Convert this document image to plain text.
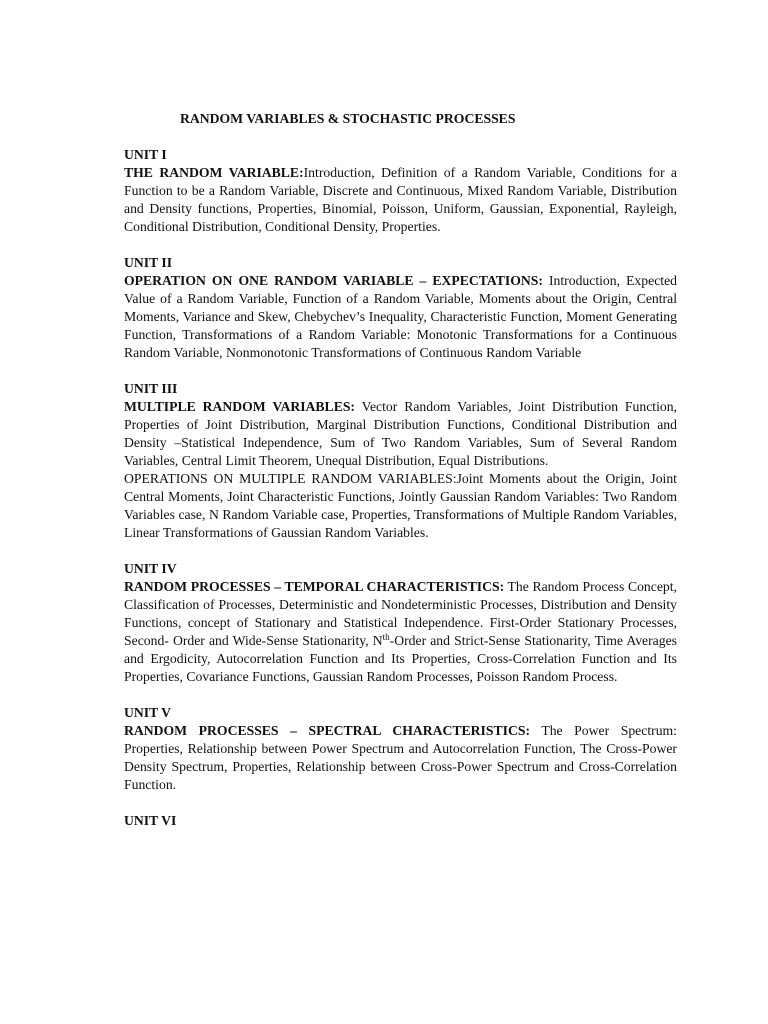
RANDOM VARIABLES & STOCHASTIC PROCESSES
UNIT I

THE RANDOM VARIABLE:Introduction, Definition of a Random Variable, Conditions for a Function to be a Random Variable, Discrete and Continuous, Mixed Random Variable, Distribution and Density functions, Properties, Binomial, Poisson, Uniform, Gaussian, Exponential, Rayleigh, Conditional Distribution, Conditional Density, Properties.

UNIT II

OPERATION ON ONE RANDOM VARIABLE – EXPECTATIONS: Introduction, Expected Value of a Random Variable, Function of a Random Variable, Moments about the Origin, Central Moments, Variance and Skew, Chebychev’s Inequality, Characteristic Function, Moment Generating Function, Transformations of a Random Variable: Monotonic Transformations for a Continuous Random Variable, Nonmonotonic Transformations of Continuous Random Variable

UNIT III

MULTIPLE RANDOM VARIABLES: Vector Random Variables, Joint Distribution Function, Properties of Joint Distribution, Marginal Distribution Functions, Conditional Distribution and Density –Statistical Independence, Sum of Two Random Variables, Sum of Several Random Variables, Central Limit Theorem, Unequal Distribution, Equal Distributions.

OPERATIONS ON MULTIPLE RANDOM VARIABLES:Joint Moments about the Origin, Joint Central Moments, Joint Characteristic Functions, Jointly Gaussian Random Variables: Two Random Variables case, N Random Variable case, Properties, Transformations of Multiple Random Variables, Linear Transformations of Gaussian Random Variables.

UNIT IV

RANDOM PROCESSES – TEMPORAL CHARACTERISTICS: The Random Process Concept, Classification of Processes, Deterministic and Nondeterministic Processes, Distribution and Density Functions, concept of Stationary and Statistical Independence. First-Order Stationary Processes, Second- Order and Wide-Sense Stationarity, $N^{th}$-Order and Strict-Sense Stationarity, Time Averages and Ergodicity, Autocorrelation Function and Its Properties, Cross-Correlation Function and Its Properties, Covariance Functions, Gaussian Random Processes, Poisson Random Process.

UNIT V

RANDOM PROCESSES – SPECTRAL CHARACTERISTICS: The Power Spectrum: Properties, Relationship between Power Spectrum and Autocorrelation Function, The Cross-Power Density Spectrum, Properties, Relationship between Cross-Power Spectrum and Cross-Correlation Function.

UNIT VI
